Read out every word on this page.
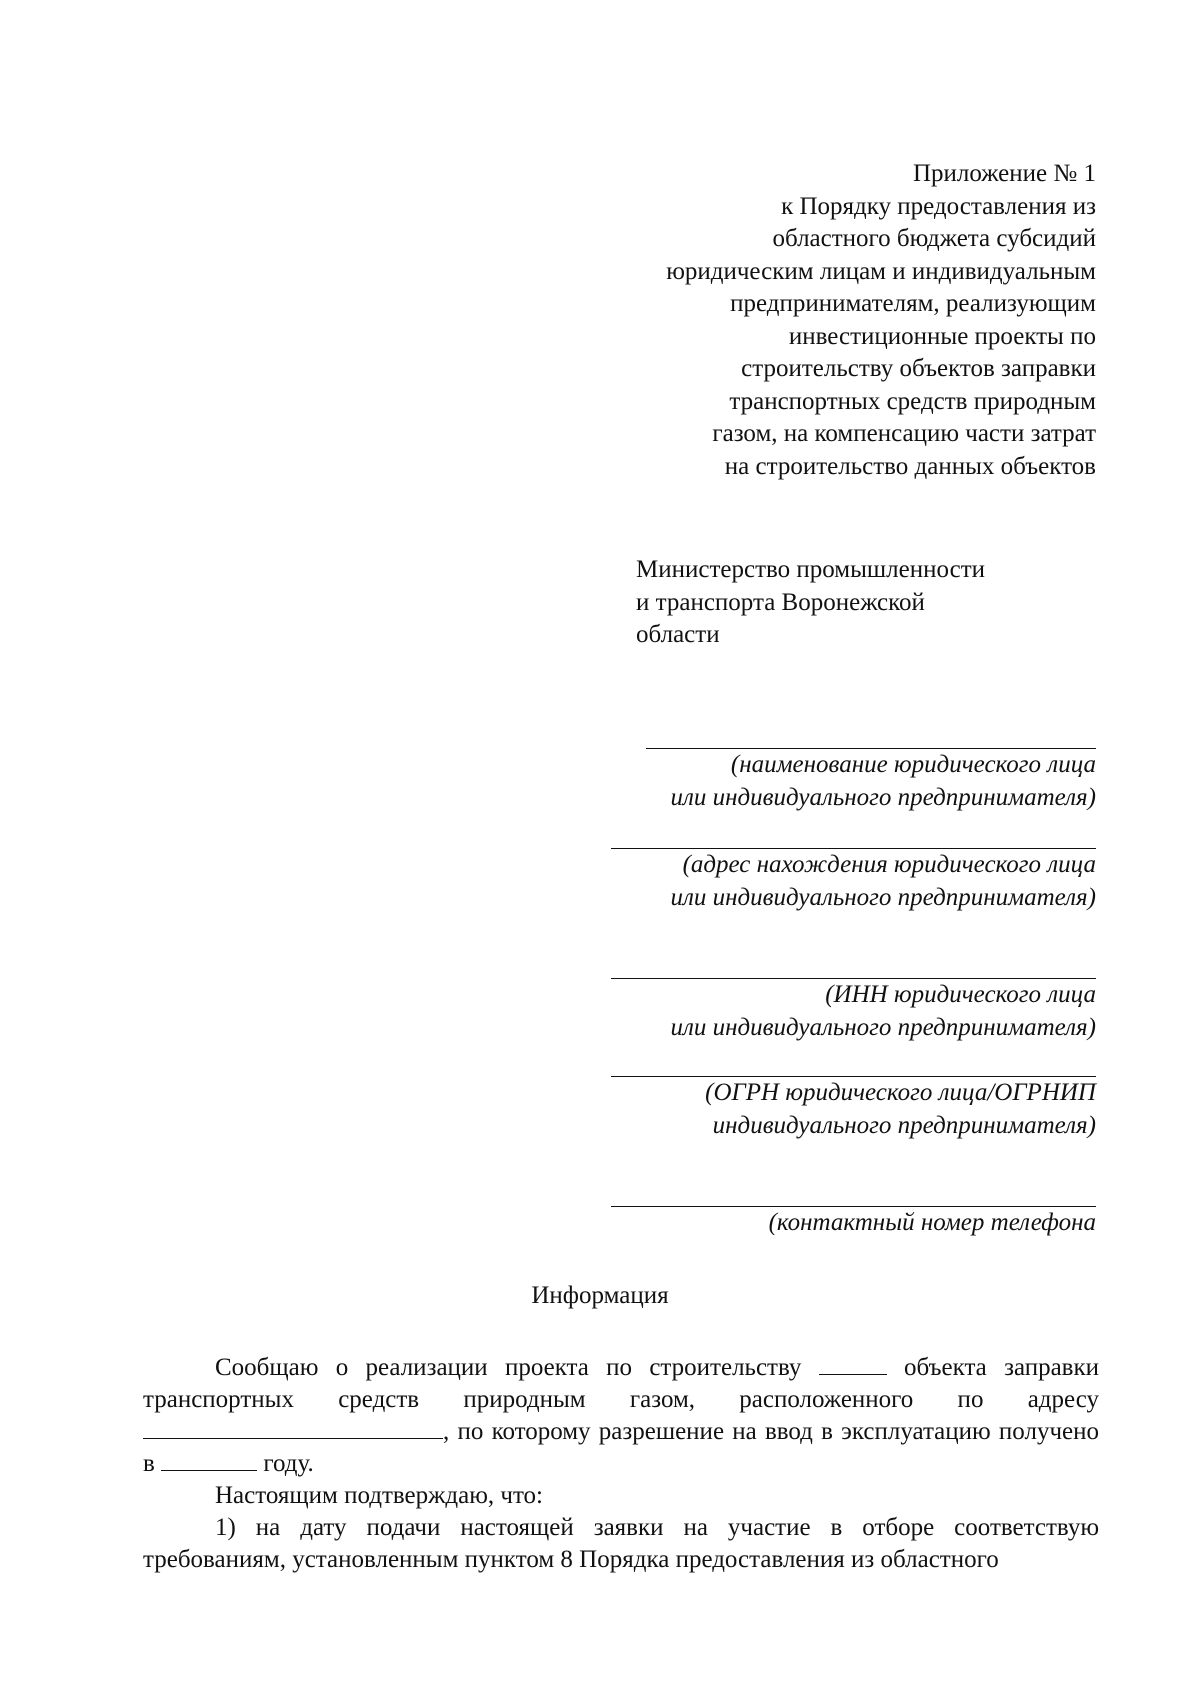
Приложение № 1
к Порядку предоставления из
областного бюджета субсидий
юридическим лицам и индивидуальным
предпринимателям, реализующим
инвестиционные проекты по
строительству объектов заправки
транспортных средств природным
газом, на компенсацию части затрат
на строительство данных объектов
Министерство промышленности
и транспорта Воронежской
области
(наименование юридического лица
или индивидуального предпринимателя)
(адрес нахождения юридического лица
или индивидуального предпринимателя)
(ИНН юридического лица
или индивидуального предпринимателя)
(ОГРН юридического лица/ОГРНИП
индивидуального предпринимателя)
(контактный номер телефона
Информация

Сообщаю о реализации проекта по строительству	объекта заправки транспортных средств природным газом, расположенного по адресу , по которому разрешение на ввод в эксплуатацию получено в	году.

Настоящим подтверждаю, что:

1) на дату подачи настоящей заявки на участие в отборе соответствую требованиям, установленным пунктом 8 Порядка предоставления из областного
